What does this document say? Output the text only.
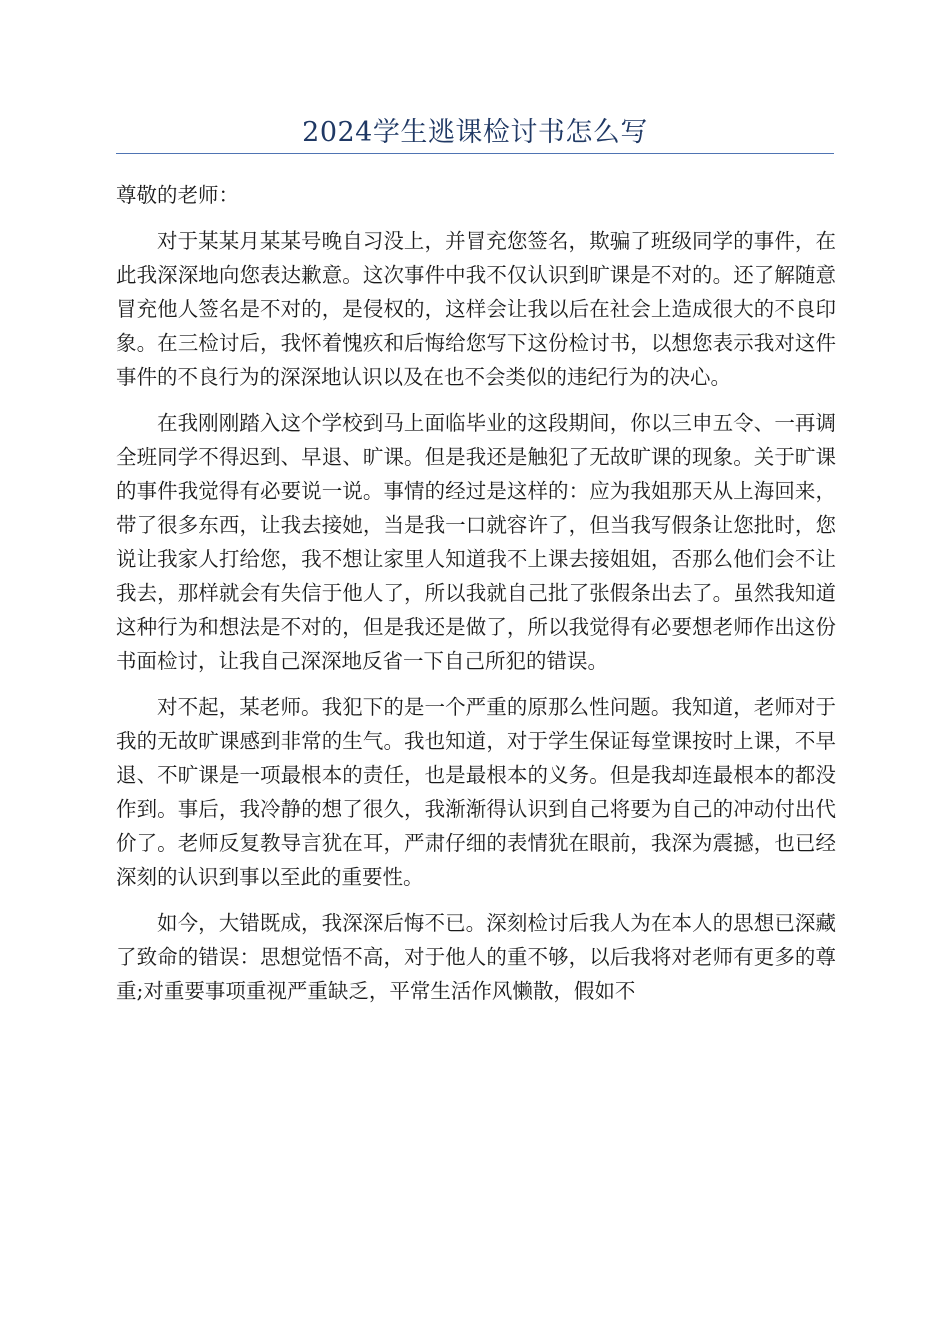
2024学生逃课检讨书怎么写

尊敬的老师：

对于某某月某某号晚自习没上，并冒充您签名，欺骗了班级同学的事件，在此我深深地向您表达歉意。这次事件中我不仅认识到旷课是不对的。还了解随意冒充他人签名是不对的，是侵权的，这样会让我以后在社会上造成很大的不良印象。在三检讨后，我怀着愧疚和后悔给您写下这份检讨书，以想您表示我对这件事件的不良行为的深深地认识以及在也不会类似的违纪行为的决心。

在我刚刚踏入这个学校到马上面临毕业的这段期间，你以三申五令、一再调全班同学不得迟到、早退、旷课。但是我还是触犯了无故旷课的现象。关于旷课的事件我觉得有必要说一说。事情的经过是这样的：应为我姐那天从上海回来，带了很多东西，让我去接她，当是我一口就容许了，但当我写假条让您批时，您说让我家人打给您，我不想让家里人知道我不上课去接姐姐，否那么他们会不让我去，那样就会有失信于他人了，所以我就自己批了张假条出去了。虽然我知道这种行为和想法是不对的，但是我还是做了，所以我觉得有必要想老师作出这份书面检讨，让我自己深深地反省一下自己所犯的错误。

对不起，某老师。我犯下的是一个严重的原那么性问题。我知道，老师对于我的无故旷课感到非常的生气。我也知道，对于学生保证每堂课按时上课，不早退、不旷课是一项最根本的责任，也是最根本的义务。但是我却连最根本的都没作到。事后，我冷静的想了很久，我渐渐得认识到自己将要为自己的冲动付出代价了。老师反复教导言犹在耳，严肃仔细的表情犹在眼前，我深为震撼，也已经深刻的认识到事以至此的重要性。

如今，大错既成，我深深后悔不已。深刻检讨后我人为在本人的思想已深藏了致命的错误：思想觉悟不高，对于他人的重不够，以后我将对老师有更多的尊重;对重要事项重视严重缺乏，平常生活作风懒散，假如不
